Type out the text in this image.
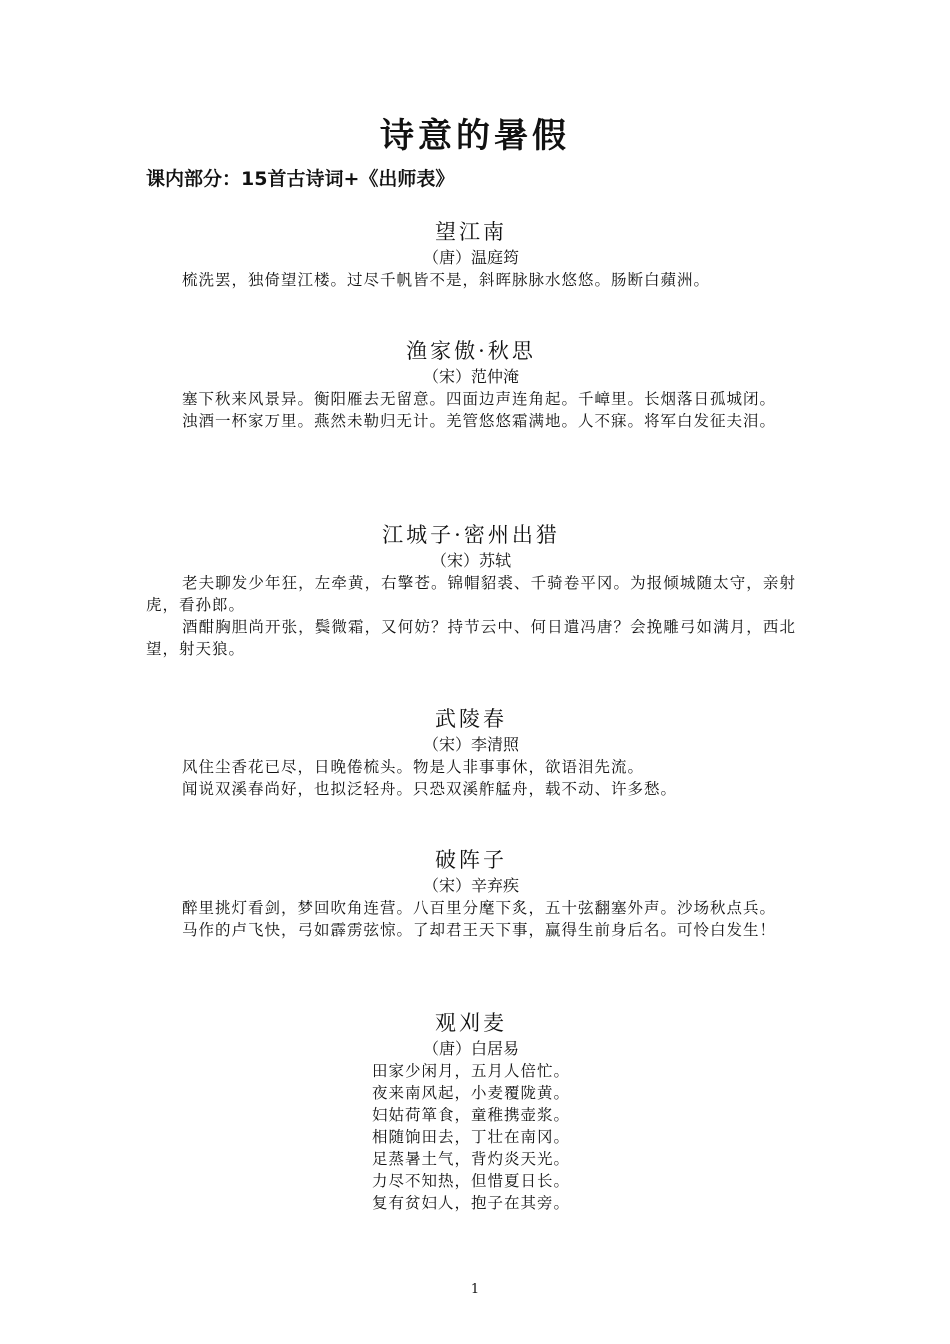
诗意的暑假
课内部分：15首古诗词+《出师表》
望江南
（唐）温庭筠

梳洗罢，独倚望江楼。过尽千帆皆不是，斜晖脉脉水悠悠。肠断白蘋洲。

渔家傲·秋思
（宋）范仲淹

塞下秋来风景异。衡阳雁去无留意。四面边声连角起。千嶂里。长烟落日孤城闭。

浊酒一杯家万里。燕然未勒归无计。羌管悠悠霜满地。人不寐。将军白发征夫泪。

江城子·密州出猎
（宋）苏轼

老夫聊发少年狂，左牵黄，右擎苍。锦帽貂裘、千骑卷平冈。为报倾城随太守，亲射虎，看孙郎。

酒酣胸胆尚开张，鬓微霜，又何妨？持节云中、何日遣冯唐？会挽雕弓如满月，西北望，射天狼。

武陵春
（宋）李清照

风住尘香花已尽，日晚倦梳头。物是人非事事休，欲语泪先流。

闻说双溪春尚好，也拟泛轻舟。只恐双溪舴艋舟，载不动、许多愁。

破阵子
（宋）辛弃疾

醉里挑灯看剑，梦回吹角连营。八百里分麾下炙，五十弦翻塞外声。沙场秋点兵。

马作的卢飞快，弓如霹雳弦惊。了却君王天下事，赢得生前身后名。可怜白发生！

观刈麦
（唐）白居易

田家少闲月，五月人倍忙。

夜来南风起，小麦覆陇黄。

妇姑荷箪食，童稚携壶浆。

相随饷田去，丁壮在南冈。

足蒸暑土气，背灼炎天光。

力尽不知热，但惜夏日长。

复有贫妇人，抱子在其旁。

1
